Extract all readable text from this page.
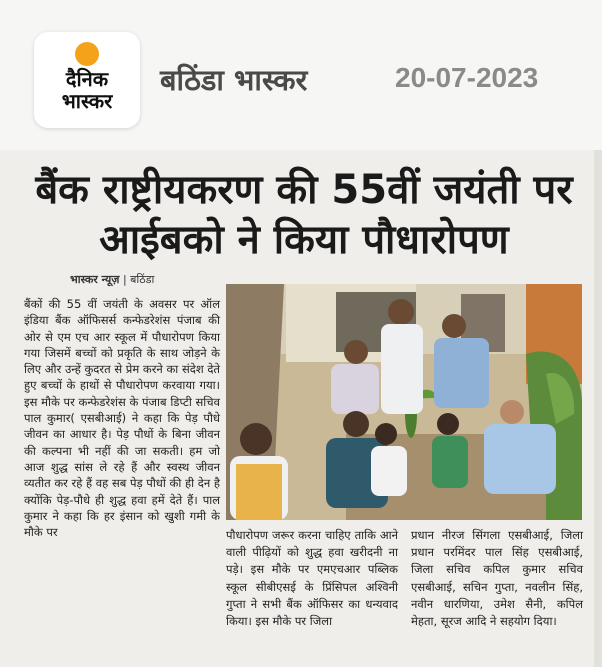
दैनिक
भास्कर
बठिंडा भास्कर	20-07-2023
बैंक राष्ट्रीयकरण की 55वीं जयंती पर आईबको ने किया पौधारोपण
भास्कर न्यूज़ | बठिंडा

बैंकों की 55 वीं जयंती के अवसर पर ऑल इंडिया बैंक ऑफिसर्स कन्फेडरेशंस पंजाब की ओर से एम एच आर स्कूल में पौधारोपण किया गया जिसमें बच्चों को प्रकृति के साथ जोड़ने के लिए और उन्हें कुदरत से प्रेम करने का संदेश देते हुए बच्चों के हाथों से पौधारोपण करवाया गया। इस मौके पर कन्फेडरेशंस के पंजाब डिप्टी सचिव पाल कुमार( एसबीआई) ने कहा कि पेड़ पौधे जीवन का आधार है। पेड़ पौधों के बिना जीवन की कल्पना भी नहीं की जा सकती। हम जो आज शुद्ध सांस ले रहे हैं और स्वस्थ जीवन व्यतीत कर रहे हैं वह सब पेड़ पौधों की ही देन है क्योंकि पेड़-पौधे ही शुद्ध हवा हमें देते हैं। पाल कुमार ने कहा कि हर इंसान को खुशी गमी के मौके पर	पौधारोपण जरूर करना चाहिए ताकि आने वाली पीढ़ियों को शुद्ध हवा खरीदनी ना पड़े। इस मौके पर एमएचआर पब्लिक स्कूल सीबीएसई के प्रिंसिपल अश्विनी गुप्ता ने सभी बैंक ऑफिसर का धन्यवाद किया। इस मौके पर जिला

प्रधान नीरज सिंगला एसबीआई, जिला प्रधान परमिंदर पाल सिंह एसबीआई, जिला सचिव कपिल कुमार सचिव एसबीआई, सचिन गुप्ता, नवलीन सिंह, नवीन धारणिया, उमेश सैनी, कपिल मेहता, सूरज आदि ने सहयोग दिया।
